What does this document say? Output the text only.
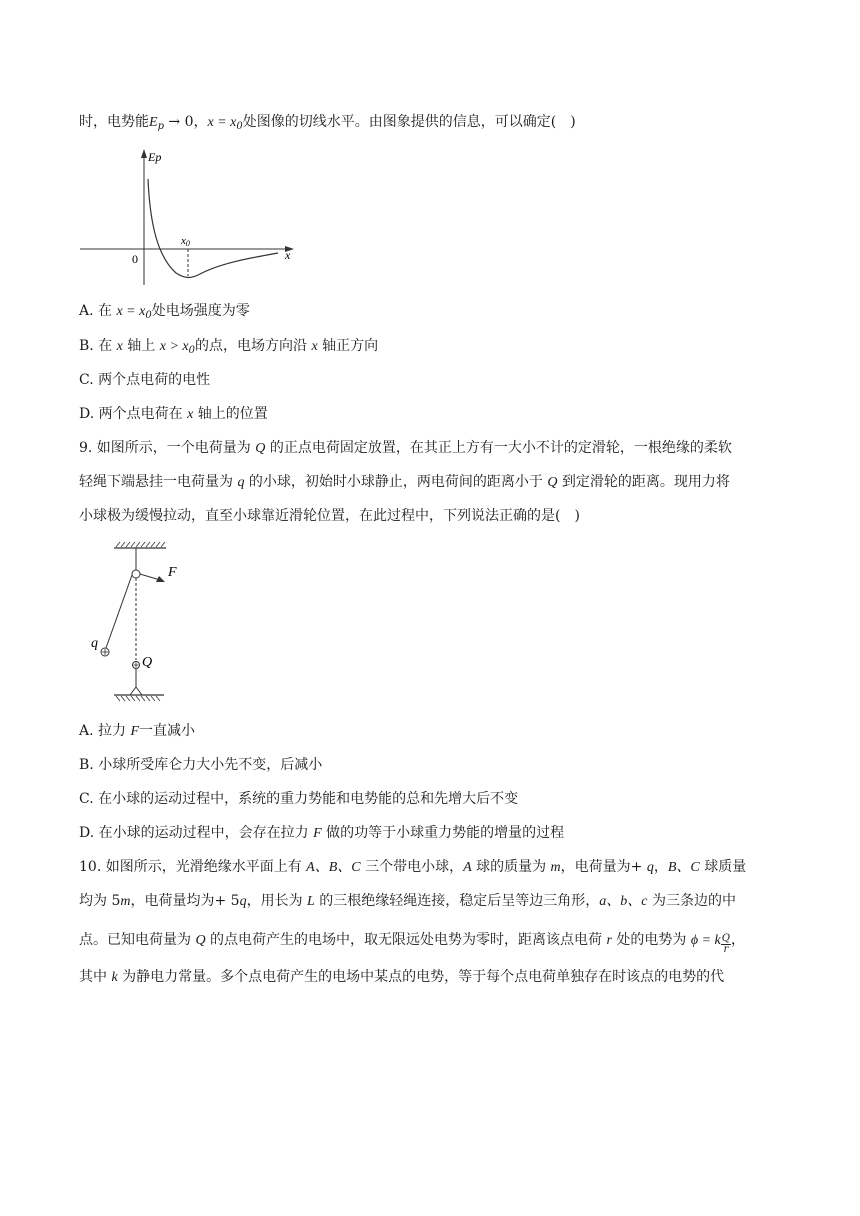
时，电势能$E_p \to 0$，$x = x_0$处图像的切线水平。由图象提供的信息，可以确定(　)
Ep
x
0
x0
A. 在 $x = x_0$处电场强度为零
B. 在 x 轴上 $x > x_0$的点，电场方向沿 x 轴正方向
C. 两个点电荷的电性
D. 两个点电荷在 x 轴上的位置
9. 如图所示，一个电荷量为 Q 的正点电荷固定放置，在其正上方有一大小不计的定滑轮，一根绝缘的柔软
轻绳下端悬挂一电荷量为 q 的小球，初始时小球静止，两电荷间的距离小于 Q 到定滑轮的距离。现用力将
小球极为缓慢拉动，直至小球靠近滑轮位置，在此过程中，下列说法正确的是(　)
F
q
Q
A. 拉力 F一直减小
B. 小球所受库仑力大小先不变，后减小
C. 在小球的运动过程中，系统的重力势能和电势能的总和先增大后不变
D. 在小球的运动过程中，会存在拉力 F 做的功等于小球重力势能的增量的过程
10. 如图所示，光滑绝缘水平面上有 A、B、C 三个带电小球，A 球的质量为 m，电荷量为+ q，B、C 球质量
均为 5m，电荷量均为+ 5q，用长为 L 的三根绝缘轻绳连接，稳定后呈等边三角形，a、b、c 为三条边的中
点。已知电荷量为 Q 的点电荷产生的电场中，取无限远处电势为零时，距离该点电荷 r 处的电势为 ϕ = k $\frac{Q}{r}$ ，
其中 k 为静电力常量。多个点电荷产生的电场中某点的电势，等于每个点电荷单独存在时该点的电势的代
